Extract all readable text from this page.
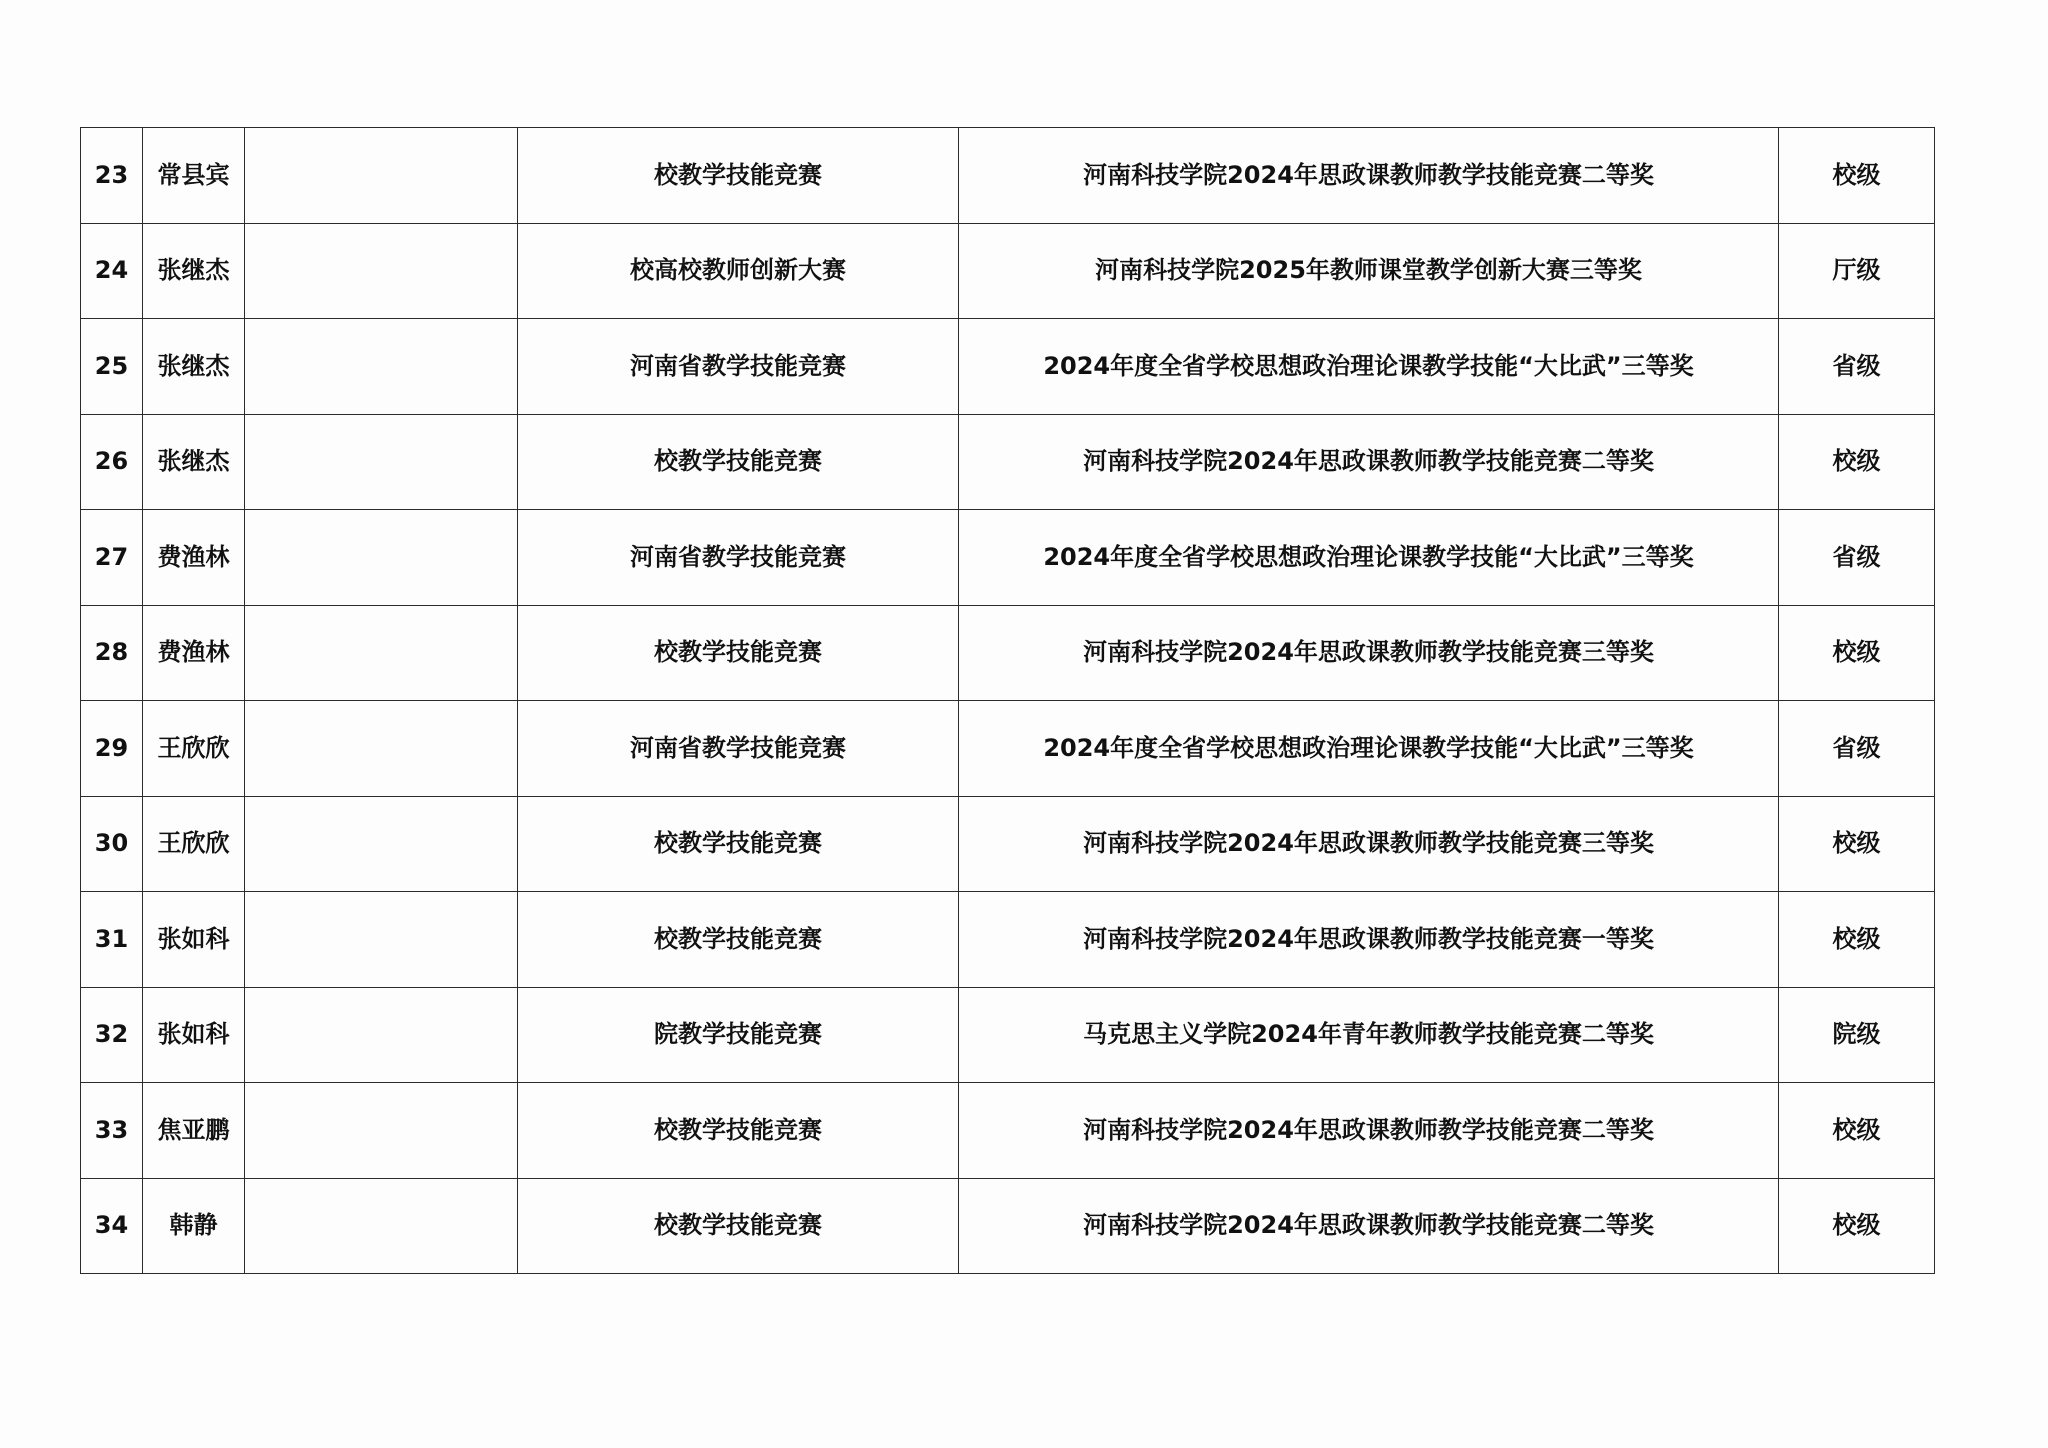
23	常县宾		校教学技能竞赛	河南科技学院2024年思政课教师教学技能竞赛二等奖	校级
24	张继杰		校高校教师创新大赛	河南科技学院2025年教师课堂教学创新大赛三等奖	厅级
25	张继杰		河南省教学技能竞赛	2024年度全省学校思想政治理论课教学技能“大比武”三等奖	省级
26	张继杰		校教学技能竞赛	河南科技学院2024年思政课教师教学技能竞赛二等奖	校级
27	费渔林		河南省教学技能竞赛	2024年度全省学校思想政治理论课教学技能“大比武”三等奖	省级
28	费渔林		校教学技能竞赛	河南科技学院2024年思政课教师教学技能竞赛三等奖	校级
29	王欣欣		河南省教学技能竞赛	2024年度全省学校思想政治理论课教学技能“大比武”三等奖	省级
30	王欣欣		校教学技能竞赛	河南科技学院2024年思政课教师教学技能竞赛三等奖	校级
31	张如科		校教学技能竞赛	河南科技学院2024年思政课教师教学技能竞赛一等奖	校级
32	张如科		院教学技能竞赛	马克思主义学院2024年青年教师教学技能竞赛二等奖	院级
33	焦亚鹏		校教学技能竞赛	河南科技学院2024年思政课教师教学技能竞赛二等奖	校级
34	韩静		校教学技能竞赛	河南科技学院2024年思政课教师教学技能竞赛二等奖	校级
